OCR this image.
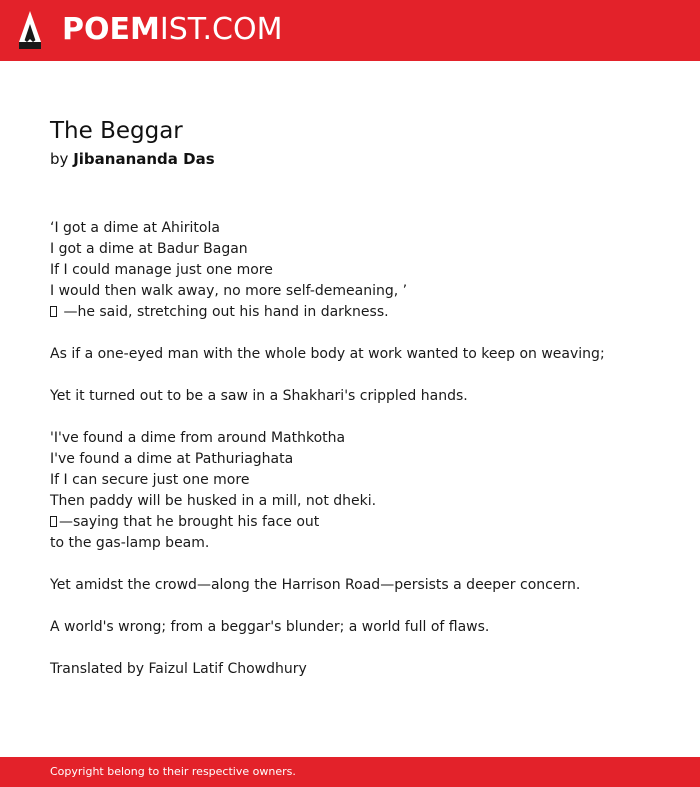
POEMIST.COM
The Beggar
by Jibanananda Das
‘I got a dime at Ahiritola
I got a dime at Badur Bagan
If I could manage just one more
I would then walk away, no more self-demeaning, ’
—he said, stretching out his hand in darkness.
As if a one-eyed man with the whole body at work wanted to keep on weaving;
Yet it turned out to be a saw in a Shakhari's crippled hands.
'I've found a dime from around Mathkotha
I've found a dime at Pathuriaghata
If I can secure just one more
Then paddy will be husked in a mill, not dheki.
—saying that he brought his face out
to the gas-lamp beam.
Yet amidst the crowd—along the Harrison Road—persists a deeper concern.
A world's wrong; from a beggar's blunder; a world full of flaws.
Translated by Faizul Latif Chowdhury
Copyright belong to their respective owners.
